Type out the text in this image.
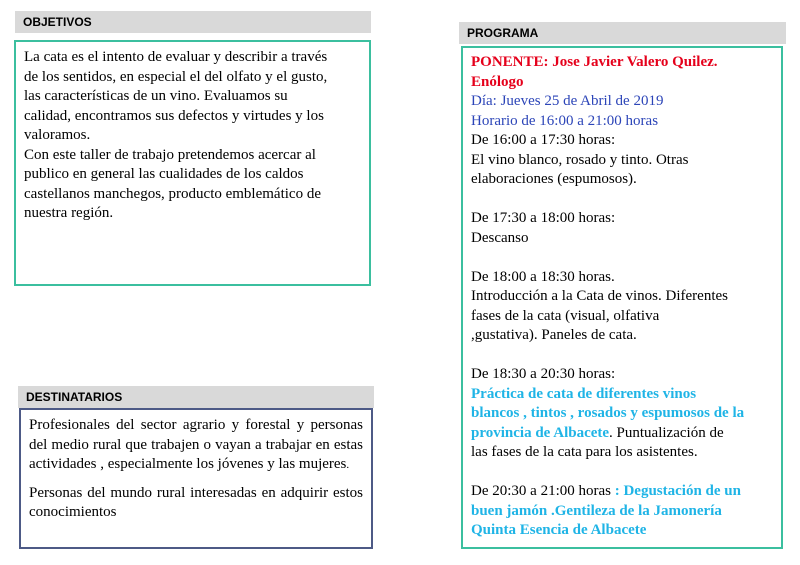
OBJETIVOS

La cata es el intento de evaluar y describir a través

de los sentidos, en especial el del olfato y el gusto,

las características de un vino. Evaluamos su

calidad, encontramos sus defectos y virtudes y los

valoramos.

Con este taller de trabajo pretendemos acercar al

publico en general las cualidades de los caldos

castellanos manchegos, producto emblemático de

nuestra región.

DESTINATARIOS

Profesionales del sector agrario y forestal y personas del medio rural que trabajen o vayan a trabajar en estas actividades , especialmente los jóvenes y las mujeres.

Personas del mundo rural interesadas en adquirir estos conocimientos

PROGRAMA

PONENTE: Jose Javier Valero Quilez.

Enólogo

Día: Jueves 25 de Abril de 2019

Horario de 16:00 a 21:00 horas

De 16:00 a 17:30 horas:

El vino blanco, rosado y tinto. Otras

elaboraciones (espumosos).

De 17:30 a 18:00 horas:

Descanso

De 18:00 a 18:30 horas.

Introducción a la Cata de vinos. Diferentes

fases de la cata (visual, olfativa

,gustativa). Paneles de cata.

De 18:30 a 20:30 horas:

Práctica de cata de diferentes vinos

blancos , tintos , rosados y espumosos de la

provincia de Albacete. Puntualización de

las fases de la cata para los asistentes.

De 20:30 a 21:00 horas : Degustación de un

buen jamón .Gentileza de la Jamonería

Quinta Esencia de Albacete
